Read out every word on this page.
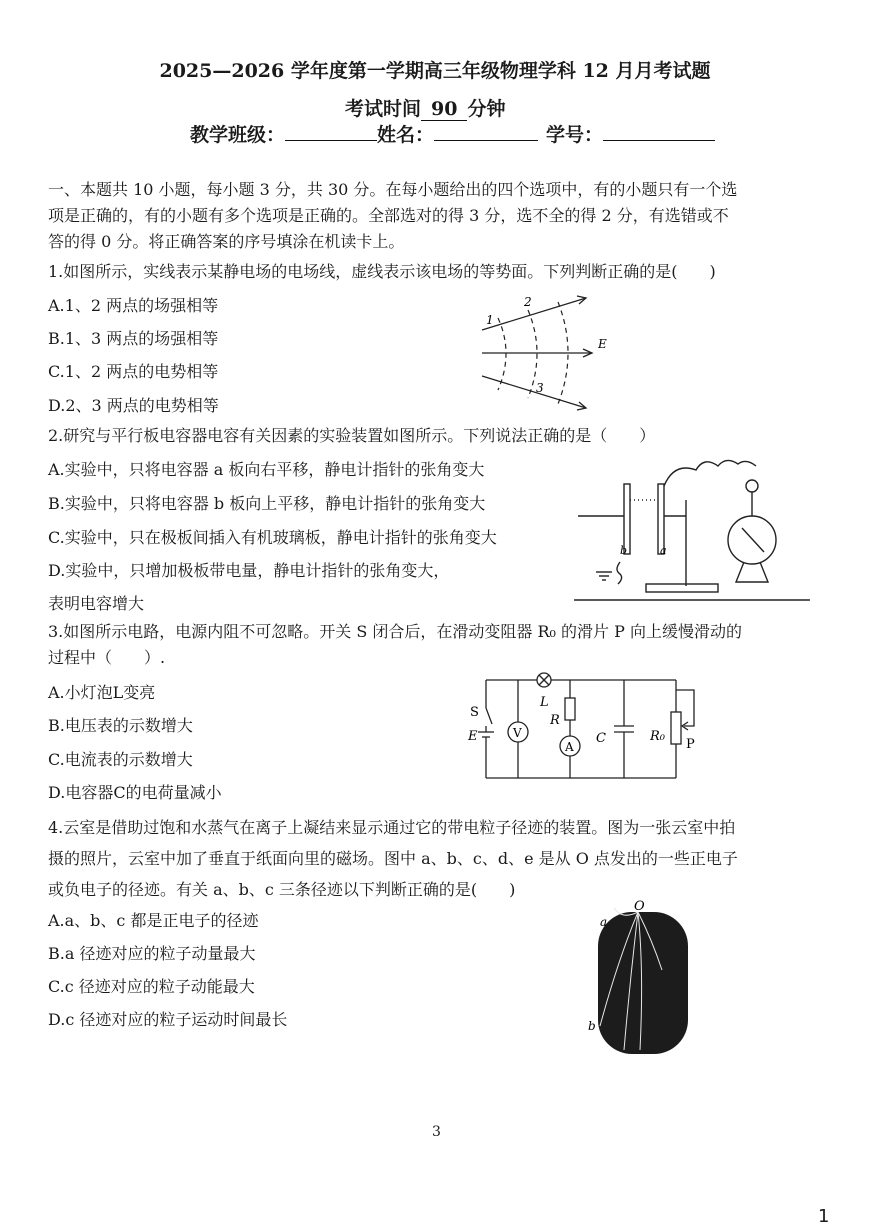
2025—2026 学年度第一学期高三年级物理学科 12 月月考试题
考试时间 90 分钟
教学班级：	姓名：	学号：
一、本题共 10 小题，每小题 3 分，共 30 分。在每小题给出的四个选项中，有的小题只有一个选
项是正确的，有的小题有多个选项是正确的。全部选对的得 3 分，选不全的得 2 分，有选错或不
答的得 0 分。将正确答案的序号填涂在机读卡上。
1.如图所示，实线表示某静电场的电场线，虚线表示该电场的等势面。下列判断正确的是(　　)
A.1、2 两点的场强相等
B.1、3 两点的场强相等
C.1、2 两点的电势相等
D.2、3 两点的电势相等
1
2
3
E
2.研究与平行板电容器电容有关因素的实验装置如图所示。下列说法正确的是（　　）
A.实验中，只将电容器 a 板向右平移，静电计指针的张角变大
B.实验中，只将电容器 b 板向上平移，静电计指针的张角变大
C.实验中，只在极板间插入有机玻璃板，静电计指针的张角变大
D.实验中，只增加极板带电量，静电计指针的张角变大，
表明电容增大
b	a
3.如图所示电路，电源内阻不可忽略。开关 S 闭合后，在滑动变阻器 R₀ 的滑片 P 向上缓慢滑动的
过程中（　　）.
A.小灯泡L变亮
B.电压表的示数增大
C.电流表的示数增大
D.电容器C的电荷量减小
S
E
L
R
C	R₀
P
V
A
4.云室是借助过饱和水蒸气在离子上凝结来显示通过它的带电粒子径迹的装置。图为一张云室中拍
摄的照片，云室中加了垂直于纸面向里的磁场。图中 a、b、c、d、e 是从 O 点发出的一些正电子
或负电子的径迹。有关 a、b、c 三条径迹以下判断正确的是(　　)
A.a、b、c 都是正电子的径迹
B.a 径迹对应的粒子动量最大
C.c 径迹对应的粒子动能最大
D.c 径迹对应的粒子运动时间最长
a
O
b
3
1
